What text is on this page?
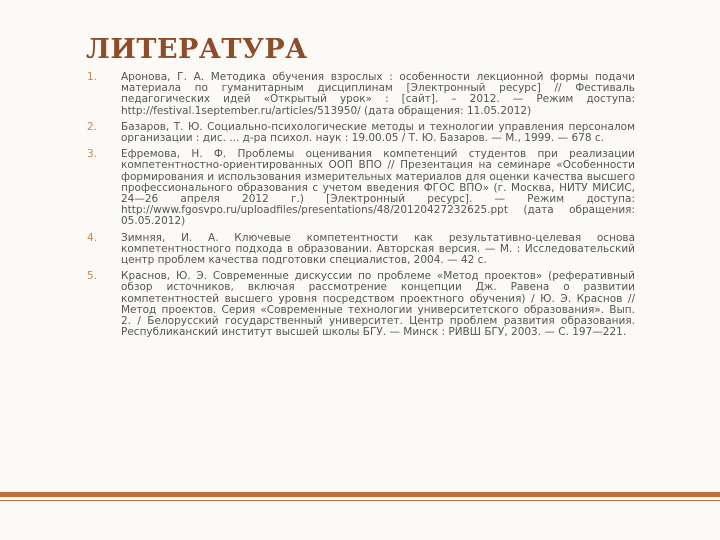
ЛИТЕРАТУРА
1.	Аронова, Г. А. Методика обучения взрослых : особенности лекционной формы подачи материала по гуманитарным дисциплинам [Электронный ресурс] // Фестиваль педагогических идей «Открытый урок» : [сайт]. – 2012. — Режим доступа: http://festival.1september.ru/articles/513950/ (дата обращения: 11.05.2012)
2.	Базаров, Т. Ю. Социально-психологические методы и технологии управления персоналом организации : дис. ... д-ра психол. наук : 19.00.05 / Т. Ю. Базаров. — М., 1999. — 678 с.
3.	Ефремова, Н. Ф. Проблемы оценивания компетенций студентов при реализации компетентностно-ориентированных ООП ВПО // Презентация на семинаре «Особенности формирования и использования измерительных материалов для оценки качества высшего профессионального образования с учетом введения ФГОС ВПО» (г. Москва, НИТУ МИСИС, 24—26 апреля 2012 г.) [Электронный ресурс]. — Режим доступа: http://www.fgosvpo.ru/uploadfiles/presentations/48/20120427232625.ppt (дата обращения: 05.05.2012)
4.	Зимняя, И. А. Ключевые компетентности как результативно-целевая основа компетентностного подхода в образовании. Авторская версия. — М. : Исследовательский центр проблем качества подготовки специалистов, 2004. — 42 с.
5.	Краснов, Ю. Э. Современные дискуссии по проблеме «Метод проектов» (реферативный обзор источников, включая рассмотрение концепции Дж. Равена о развитии компетентностей высшего уровня посредством проектного обучения) / Ю. Э. Краснов // Метод проектов. Серия «Современные технологии университетского образования». Вып. 2. / Белорусский государственный университет. Центр проблем развития образования. Республиканский институт высшей школы БГУ. — Минск : РИВШ БГУ, 2003. — С. 197—221.
